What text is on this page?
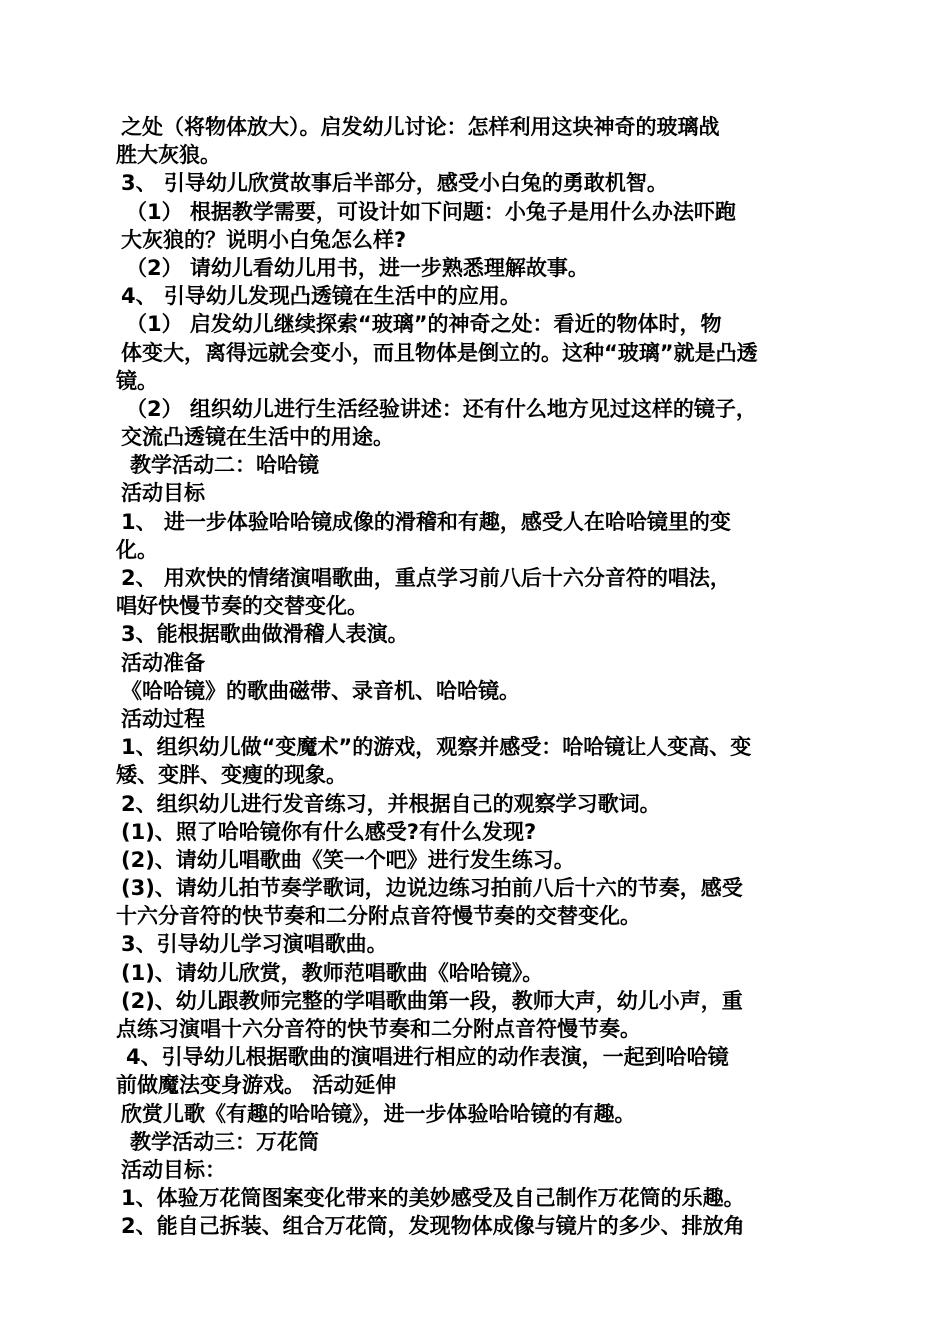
之处（将物体放大）。启发幼儿讨论：怎样利用这块神奇的玻璃战
胜大灰狼。
3、 引导幼儿欣赏故事后半部分，感受小白兔的勇敢机智。
（1） 根据教学需要，可设计如下问题：小兔子是用什么办法吓跑
大灰狼的？说明小白兔怎么样?
（2） 请幼儿看幼儿用书，进一步熟悉理解故事。
4、 引导幼儿发现凸透镜在生活中的应用。
（1） 启发幼儿继续探索“玻璃”的神奇之处：看近的物体时，物
体变大，离得远就会变小，而且物体是倒立的。这种“玻璃”就是凸透
镜。
（2） 组织幼儿进行生活经验讲述：还有什么地方见过这样的镜子，
交流凸透镜在生活中的用途。
教学活动二：哈哈镜
活动目标
1、 进一步体验哈哈镜成像的滑稽和有趣，感受人在哈哈镜里的变
化。
2、 用欢快的情绪演唱歌曲，重点学习前八后十六分音符的唱法，
唱好快慢节奏的交替变化。
3、能根据歌曲做滑稽人表演。
活动准备
《哈哈镜》的歌曲磁带、录音机、哈哈镜。
活动过程
1、组织幼儿做“变魔术”的游戏，观察并感受：哈哈镜让人变高、变
矮、变胖、变瘦的现象。
2、组织幼儿进行发音练习，并根据自己的观察学习歌词。
(1)、照了哈哈镜你有什么感受?有什么发现?
(2)、请幼儿唱歌曲《笑一个吧》进行发生练习。
(3)、请幼儿拍节奏学歌词，边说边练习拍前八后十六的节奏，感受
十六分音符的快节奏和二分附点音符慢节奏的交替变化。
3、引导幼儿学习演唱歌曲。
(1)、请幼儿欣赏，教师范唱歌曲《哈哈镜》。
(2)、幼儿跟教师完整的学唱歌曲第一段，教师大声，幼儿小声，重
点练习演唱十六分音符的快节奏和二分附点音符慢节奏。
4、引导幼儿根据歌曲的演唱进行相应的动作表演，一起到哈哈镜
前做魔法变身游戏。 活动延伸
欣赏儿歌《有趣的哈哈镜》，进一步体验哈哈镜的有趣。
教学活动三：万花筒
活动目标：
1、体验万花筒图案变化带来的美妙感受及自己制作万花筒的乐趣。
2、能自己拆装、组合万花筒，发现物体成像与镜片的多少、排放角
